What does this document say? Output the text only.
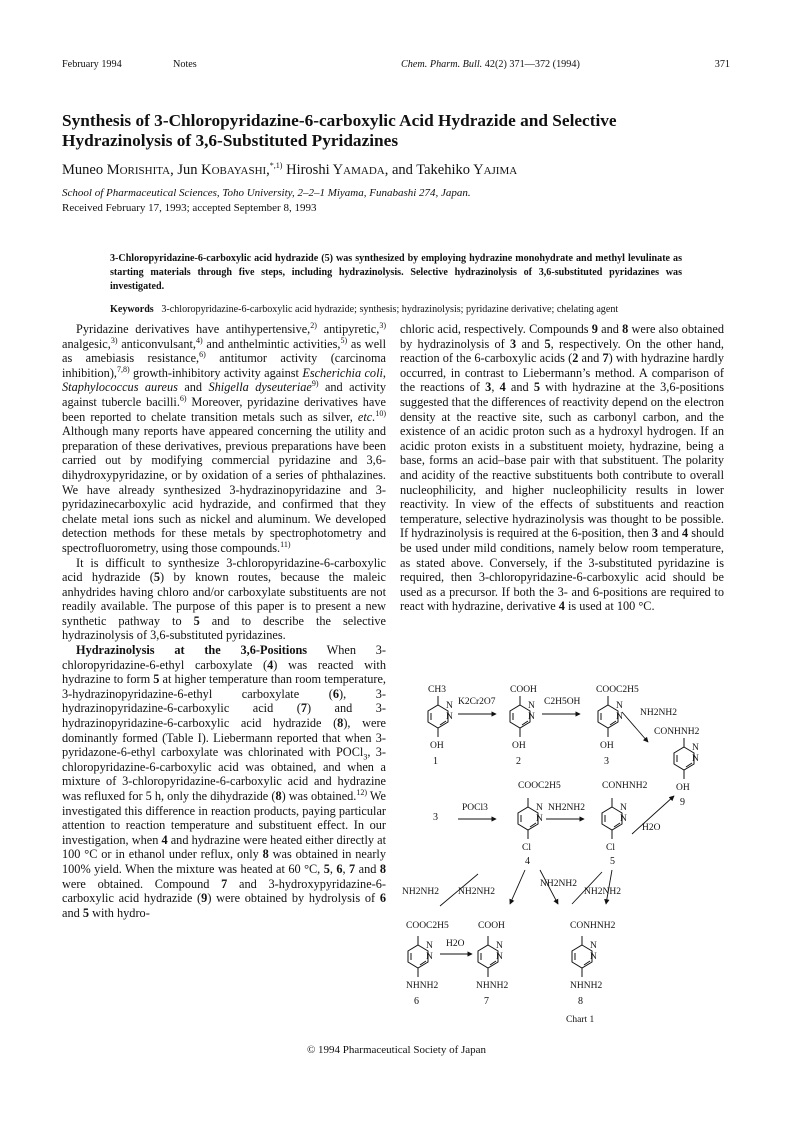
February 1994	Notes	Chem. Pharm. Bull. 42(2) 371—372 (1994)	371
Synthesis of 3-Chloropyridazine-6-carboxylic Acid Hydrazide and Selective Hydrazinolysis of 3,6-Substituted Pyridazines
Muneo MORISHITA, Jun KOBAYASHI,$^{*,1)}$ Hiroshi YAMADA, and Takehiko YAJIMA
School of Pharmaceutical Sciences, Toho University, 2–2–1 Miyama, Funabashi 274, Japan.
Received February 17, 1993; accepted September 8, 1993

3-Chloropyridazine-6-carboxylic acid hydrazide (5) was synthesized by employing hydrazine monohydrate and methyl levulinate as starting materials through five steps, including hydrazinolysis. Selective hydrazinolysis of 3,6-substituted pyridazines was investigated.

Keywords 3-chloropyridazine-6-carboxylic acid hydrazide; synthesis; hydrazinolysis; pyridazine derivative; chelating agent

Pyridazine derivatives have antihypertensive,$^{2)}$ antipyretic,$^{3)}$ analgesic,$^{3)}$ anticonvulsant,$^{4)}$ and anthelmintic activities,$^{5)}$ as well as amebiasis resistance,$^{6)}$ antitumor activity (carcinoma inhibition),$^{7,8)}$ growth-inhibitory activity against Escherichia coli, Staphylococcus aureus and Shigella dyseuteriae$^{9)}$ and activity against tubercle bacilli.$^{6)}$ Moreover, pyridazine derivatives have been reported to chelate transition metals such as silver, etc.$^{10)}$ Although many reports have appeared concerning the utility and preparation of these derivatives, previous preparations have been carried out by modifying commercial pyridazine and 3,6-dihydroxypyridazine, or by oxidation of a series of phthalazines. We have already synthesized 3-hydrazinopyridazine and 3-pyridazinecarboxylic acid hydrazide, and confirmed that they chelate metal ions such as nickel and aluminum. We developed detection methods for these metals by spectrophotometry and spectrofluorometry, using those compounds.$^{11)}$

It is difficult to synthesize 3-chloropyridazine-6-carboxylic acid hydrazide (5) by known routes, because the maleic anhydrides having chloro and/or carboxylate substituents are not readily available. The purpose of this paper is to present a new synthetic pathway to 5 and to describe the selective hydrazinolysis of 3,6-substituted pyridazines.

Hydrazinolysis at the 3,6-Positions When 3-chloropyridazine-6-ethyl carboxylate (4) was reacted with hydrazine to form 5 at higher temperature than room temperature, 3-hydrazinopyridazine-6-ethyl carboxylate (6), 3-hydrazinopyridazine-6-carboxylic acid (7) and 3-hydrazinopyridazine-6-carboxylic acid hydrazide (8), were dominantly formed (Table I). Liebermann reported that when 3-pyridazone-6-ethyl carboxylate was chlorinated with POCl$_3$, 3-chloropyridazine-6-carboxylic acid was obtained, and when a mixture of 3-chloropyridazine-6-carboxylic acid and hydrazine was refluxed for 5 h, only the dihydrazide (8) was obtained.$^{12)}$ We investigated this difference in reaction products, paying particular attention to reaction temperature and substituent effect. In our investigation, when 4 and hydrazine were heated either directly at 100 °C or in ethanol under reflux, only 8 was obtained in nearly 100% yield. When the mixture was heated at 60 °C, 5, 6, 7 and 8 were obtained. Compound 7 and 3-hydroxypyridazine-6-carboxylic acid hydrazide (9) were obtained by hydrolysis of 6 and 5 with hydro-

chloric acid, respectively. Compounds 9 and 8 were also obtained by hydrazinolysis of 3 and 5, respectively. On the other hand, reaction of the 6-carboxylic acids (2 and 7) with hydrazine hardly occurred, in contrast to Liebermann’s method. A comparison of the reactions of 3, 4 and 5 with hydrazine at the 3,6-positions suggested that the differences of reactivity depend on the electron density at the reactive site, such as carbonyl carbon, and the existence of an acidic proton such as a hydroxyl hydrogen. If an acidic proton exists in a substituent moiety, hydrazine, being a base, forms an acid–base pair with that substituent. The polarity and acidity of the reactive substituents both contribute to overall nucleophilicity, and higher nucleophilicity results in lower reactivity. In view of the effects of substituents and reaction temperature, selective hydrazinolysis was thought to be possible. If hydrazinolysis is required at the 6-position, then 3 and 4 should be used under mild conditions, namely below room temperature, as stated above. Conversely, if the 3-substituted pyridazine is required, then 3-chloropyridazine-6-carboxylic acid should be used as a precursor. If both the 3- and 6-positions are required to react with hydrazine, derivative 4 is used at 100 °C.

CH3
N
N
OH
1
K2Cr2O7
COOH
N
N
OH
2
C2H5OH
COOC2H5
N
N
OH
3
NH2NH2
CONHNH2
N
N
OH
9
3
POCl3
COOC2H5
N
N
Cl
4
NH2NH2
CONHNH2
N
N
Cl
5
H2O
NH2NH2 NH2NH2
NH2NH2
NH2NH2
COOC2H5
N
N
NHNH2
6
H2O
COOH
N
N
NHNH2
7
CONHNH2
N
N
NHNH2
8
Chart 1
© 1994 Pharmaceutical Society of Japan
